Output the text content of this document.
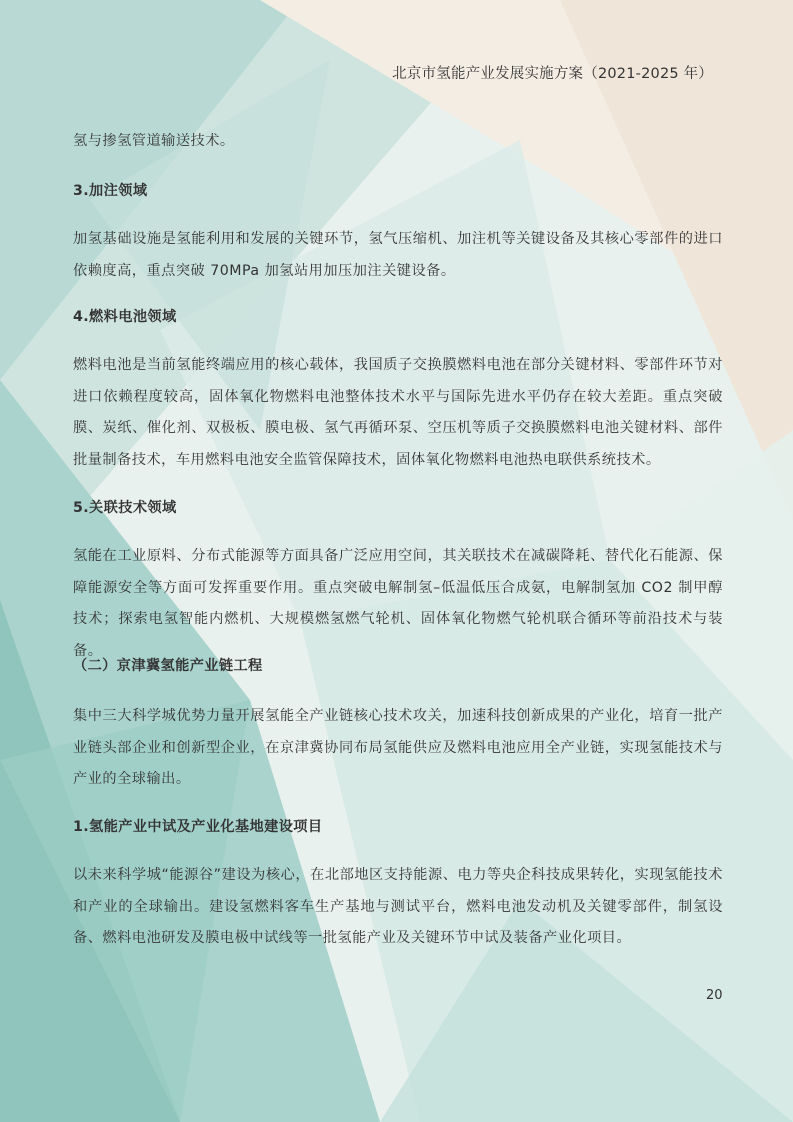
北京市氢能产业发展实施方案（2021-2025 年）
氢与掺氢管道输送技术。
3.加注领域
加氢基础设施是氢能利用和发展的关键环节，氢气压缩机、加注机等关键设备及其核心零部件的进口依赖度高，重点突破 70MPa 加氢站用加压加注关键设备。
4.燃料电池领域
燃料电池是当前氢能终端应用的核心载体，我国质子交换膜燃料电池在部分关键材料、零部件环节对进口依赖程度较高，固体氧化物燃料电池整体技术水平与国际先进水平仍存在较大差距。重点突破膜、炭纸、催化剂、双极板、膜电极、氢气再循环泵、空压机等质子交换膜燃料电池关键材料、部件批量制备技术，车用燃料电池安全监管保障技术，固体氧化物燃料电池热电联供系统技术。
5.关联技术领域
氢能在工业原料、分布式能源等方面具备广泛应用空间，其关联技术在减碳降耗、替代化石能源、保障能源安全等方面可发挥重要作用。重点突破电解制氢–低温低压合成氨，电解制氢加 CO2 制甲醇技术；探索电氢智能内燃机、大规模燃氢燃气轮机、固体氧化物燃气轮机联合循环等前沿技术与装备。
（二）京津冀氢能产业链工程
集中三大科学城优势力量开展氢能全产业链核心技术攻关，加速科技创新成果的产业化，培育一批产业链头部企业和创新型企业，在京津冀协同布局氢能供应及燃料电池应用全产业链，实现氢能技术与产业的全球输出。
1.氢能产业中试及产业化基地建设项目
以未来科学城“能源谷”建设为核心，在北部地区支持能源、电力等央企科技成果转化，实现氢能技术和产业的全球输出。建设氢燃料客车生产基地与测试平台，燃料电池发动机及关键零部件，制氢设备、燃料电池研发及膜电极中试线等一批氢能产业及关键环节中试及装备产业化项目。
20
